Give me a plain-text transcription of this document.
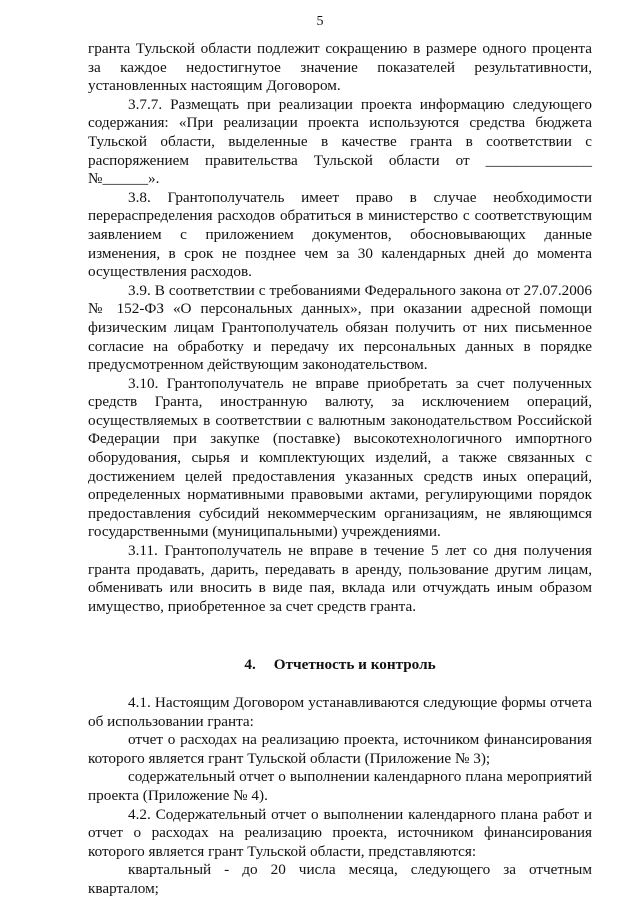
5

гранта Тульской области подлежит сокращению в размере одного процента за каждое недостигнутое значение показателей результативности, установленных настоящим Договором.

3.7.7. Размещать при реализации проекта информацию следующего содержания: «При реализации проекта используются средства бюджета Тульской области, выделенные в качестве гранта в соответствии с распоряжением правительства Тульской области от ______________ №______».

3.8. Грантополучатель имеет право в случае необходимости перераспределения расходов обратиться в министерство с соответствующим заявлением с приложением документов, обосновывающих данные изменения, в срок не позднее чем за 30 календарных дней до момента осуществления расходов.

3.9. В соответствии с требованиями Федерального закона от 27.07.2006 № 152-ФЗ «О персональных данных», при оказании адресной помощи физическим лицам Грантополучатель обязан получить от них письменное согласие на обработку и передачу их персональных данных в порядке предусмотренном действующим законодательством.

3.10. Грантополучатель не вправе приобретать за счет полученных средств Гранта, иностранную валюту, за исключением операций, осуществляемых в соответствии с валютным законодательством Российской Федерации при закупке (поставке) высокотехнологичного импортного оборудования, сырья и комплектующих изделий, а также связанных с достижением целей предоставления указанных средств иных операций, определенных нормативными правовыми актами, регулирующими порядок предоставления субсидий некоммерческим организациям, не являющимся государственными (муниципальными) учреждениями.

3.11. Грантополучатель не вправе в течение 5 лет со дня получения гранта продавать, дарить, передавать в аренду, пользование другим лицам, обменивать или вносить в виде пая, вклада или отчуждать иным образом имущество, приобретенное за счет средств гранта.

4. Отчетность и контроль

4.1. Настоящим Договором устанавливаются следующие формы отчета об использовании гранта:

отчет о расходах на реализацию проекта, источником финансирования которого является грант Тульской области (Приложение № 3);

содержательный отчет о выполнении календарного плана мероприятий проекта (Приложение № 4).

4.2. Содержательный отчет о выполнении календарного плана работ и отчет о расходах на реализацию проекта, источником финансирования которого является грант Тульской области, представляются:

квартальный - до 20 числа месяца, следующего за отчетным кварталом;
